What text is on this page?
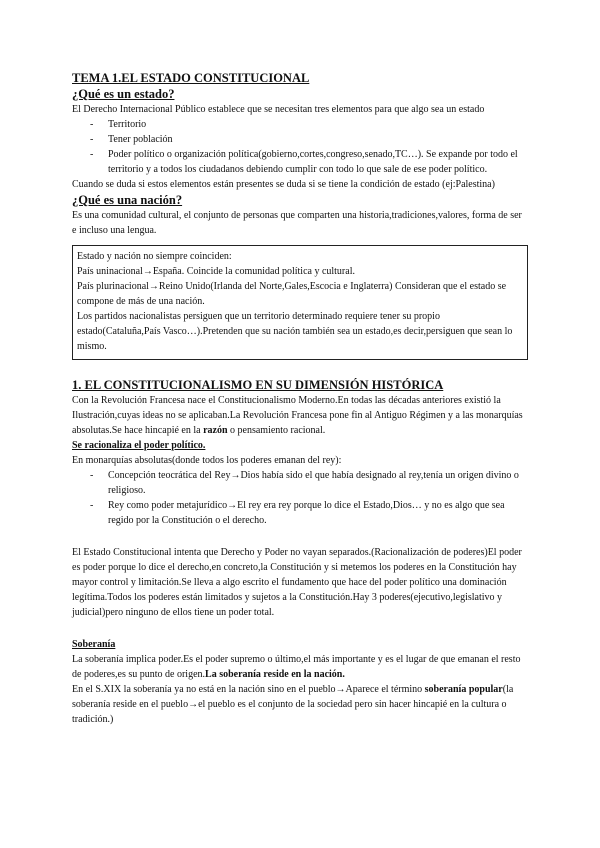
TEMA 1.EL ESTADO CONSTITUCIONAL
¿Qué es un estado?

El Derecho Internacional Público establece que se necesitan tres elementos para que algo sea un estado

- Territorio
- Tener población
- Poder político o organización política(gobierno,cortes,congreso,senado,TC…). Se expande por todo el territorio y a todos los ciudadanos debiendo cumplir con todo lo que sale de ese poder político.

Cuando se duda si estos elementos están presentes se duda si se tiene la condición de estado (ej:Palestina)

¿Qué es una nación?

Es una comunidad cultural, el conjunto de personas que comparten una historia,tradiciones,valores, forma de ser e incluso una lengua.

Estado y nación no siempre coinciden:

País uninacional→España. Coincide la comunidad política y cultural.

País plurinacional→Reino Unido(Irlanda del Norte,Gales,Escocia e Inglaterra) Consideran que el estado se compone de más de una nación.

Los partidos nacionalistas persiguen que un territorio determinado requiere tener su propio estado(Cataluña,País Vasco…).Pretenden que su nación también sea un estado,es decir,persiguen que sean lo mismo.

1. EL CONSTITUCIONALISMO EN SU DIMENSIÓN HISTÓRICA

Con la Revolución Francesa nace el Constitucionalismo Moderno.En todas las décadas anteriores existió la Ilustración,cuyas ideas no se aplicaban.La Revolución Francesa pone fin al Antiguo Régimen y a las monarquías absolutas.Se hace hincapié en la razón o pensamiento racional.

Se racionaliza el poder político.

En monarquías absolutas(donde todos los poderes emanan del rey):

- Concepción teocrática del Rey→Dios había sido el que había designado al rey,tenía un origen divino o religioso.
- Rey como poder metajurídico→El rey era rey porque lo dice el Estado,Dios… y no es algo que sea regido por la Constitución o el derecho.

El Estado Constitucional intenta que Derecho y Poder no vayan separados.(Racionalización de poderes)El poder es poder porque lo dice el derecho,en concreto,la Constitución y si metemos los poderes en la Constitución hay mayor control y limitación.Se lleva a algo escrito el fundamento que hace del poder político una dominación legítima.Todos los poderes están limitados y sujetos a la Constitución.Hay 3 poderes(ejecutivo,legislativo y judicial)pero ninguno de ellos tiene un poder total.

Soberanía

La soberanía implica poder.Es el poder supremo o último,el más importante y es el lugar de que emanan el resto de poderes,es su punto de origen.La soberanía reside en la nación.

En el S.XIX la soberanía ya no está en la nación sino en el pueblo→Aparece el término soberanía popular(la soberanía reside en el pueblo→el pueblo es el conjunto de la sociedad pero sin hacer hincapié en la cultura o tradición.)
